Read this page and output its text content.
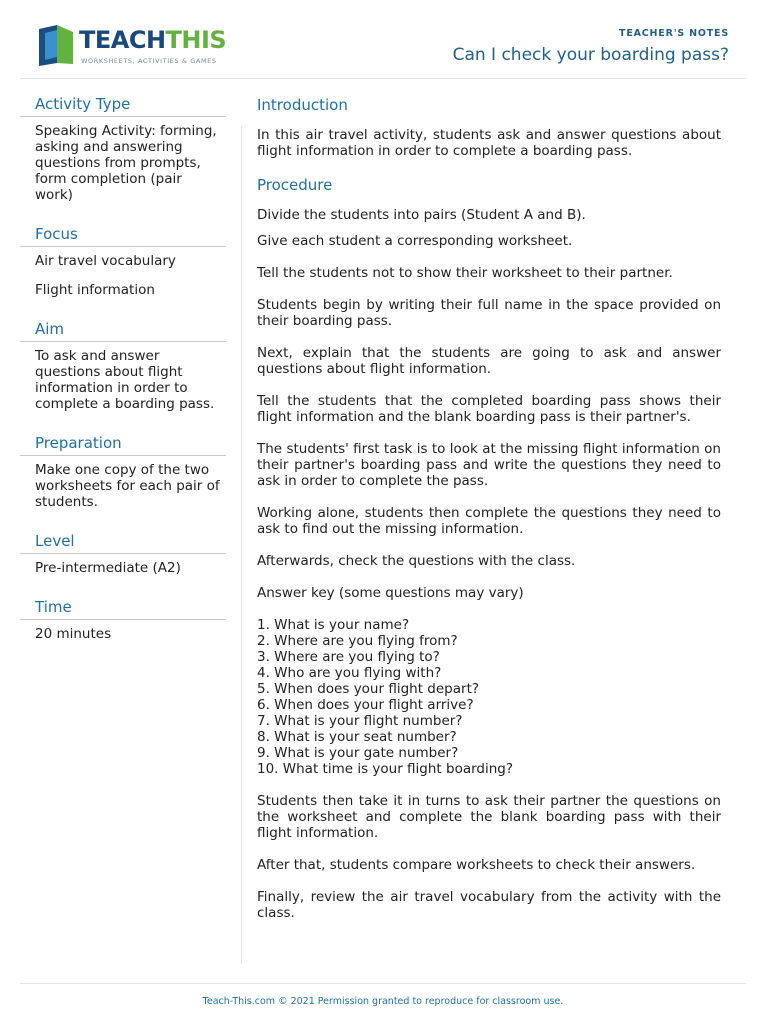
TEACHTHIS
WORKSHEETS, ACTIVITIES & GAMES
TEACHER'S NOTES
Can I check your boarding pass?
Activity Type

Speaking Activity: forming, asking and answering questions from prompts, form completion (pair work)

Focus

Air travel vocabulary

Flight information

Aim

To ask and answer questions about flight information in order to complete a boarding pass.

Preparation

Make one copy of the two worksheets for each pair of students.

Level

Pre-intermediate (A2)

Time

20 minutes

Introduction

In this air travel activity, students ask and answer questions about flight information in order to complete a boarding pass.

Procedure

Divide the students into pairs (Student A and B).

Give each student a corresponding worksheet.

Tell the students not to show their worksheet to their partner.

Students begin by writing their full name in the space provided on their boarding pass.

Next, explain that the students are going to ask and answer questions about flight information.

Tell the students that the completed boarding pass shows their flight information and the blank boarding pass is their partner's.

The students' first task is to look at the missing flight information on their partner's boarding pass and write the questions they need to ask in order to complete the pass.

Working alone, students then complete the questions they need to ask to find out the missing information.

Afterwards, check the questions with the class.

Answer key (some questions may vary)

1. What is your name?
2. Where are you flying from?
3. Where are you flying to?
4. Who are you flying with?
5. When does your flight depart?
6. When does your flight arrive?
7. What is your flight number?
8. What is your seat number?
9. What is your gate number?
10. What time is your flight boarding?

Students then take it in turns to ask their partner the questions on the worksheet and complete the blank boarding pass with their flight information.

After that, students compare worksheets to check their answers.

Finally, review the air travel vocabulary from the activity with the class.

Teach-This.com © 2021 Permission granted to reproduce for classroom use.
